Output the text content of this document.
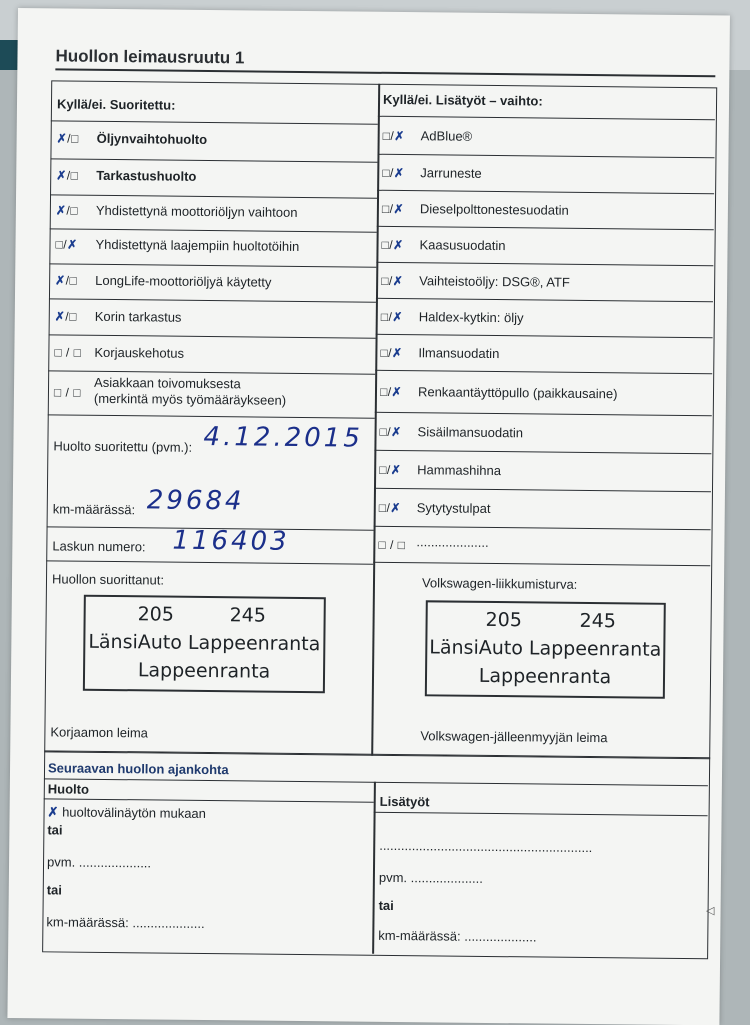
Huollon leimausruutu 1
Kyllä/ei. Suoritettu:	Kyllä/ei. Lisätyöt – vaihto:
✗/□ Öljynvaihtohuolto
✗/□ Tarkastushuolto
✗/□ Yhdistettynä moottoriöljyn vaihtoon
□/✗ Yhdistettynä laajempiin huoltotöihin
✗/□ LongLife-moottoriöljyä käytetty
✗/□ Korin tarkastus
□ / □ Korjauskehotus
□ / □
Asiakkaan toivomuksesta
(merkintä myös työmääräykseen)
Huolto suoritettu (pvm.): 4.12.2015
km-määrässä: 29684
Laskun numero: 116403
Huollon suorittanut:
205	245
LänsiAuto Lappeenranta
Lappeenranta
Korjaamon leima
□/✗ AdBlue®
□/✗ Jarruneste
□/✗ Dieselpolttonestesuodatin
□/✗ Kaasusuodatin
□/✗ Vaihteistoöljy: DSG®, ATF
□/✗ Haldex-kytkin: öljy
□/✗ Ilmansuodatin
□/✗ Renkaantäyttöpullo (paikkausaine)
□/✗ Sisäilmansuodatin
□/✗ Hammashihna
□/✗ Sytytystulpat
□ / □ ....................
Volkswagen-liikkumisturva:
205	245
LänsiAuto Lappeenranta
Lappeenranta
Volkswagen-jälleenmyyjän leima
Seuraavan huollon ajankohta
Huolto
Lisätyöt
✗ huoltovälinäytön mukaan
tai
pvm. ....................
tai
km-määrässä: ....................
...........................................................
pvm. ....................
tai
km-määrässä: ....................
◁
